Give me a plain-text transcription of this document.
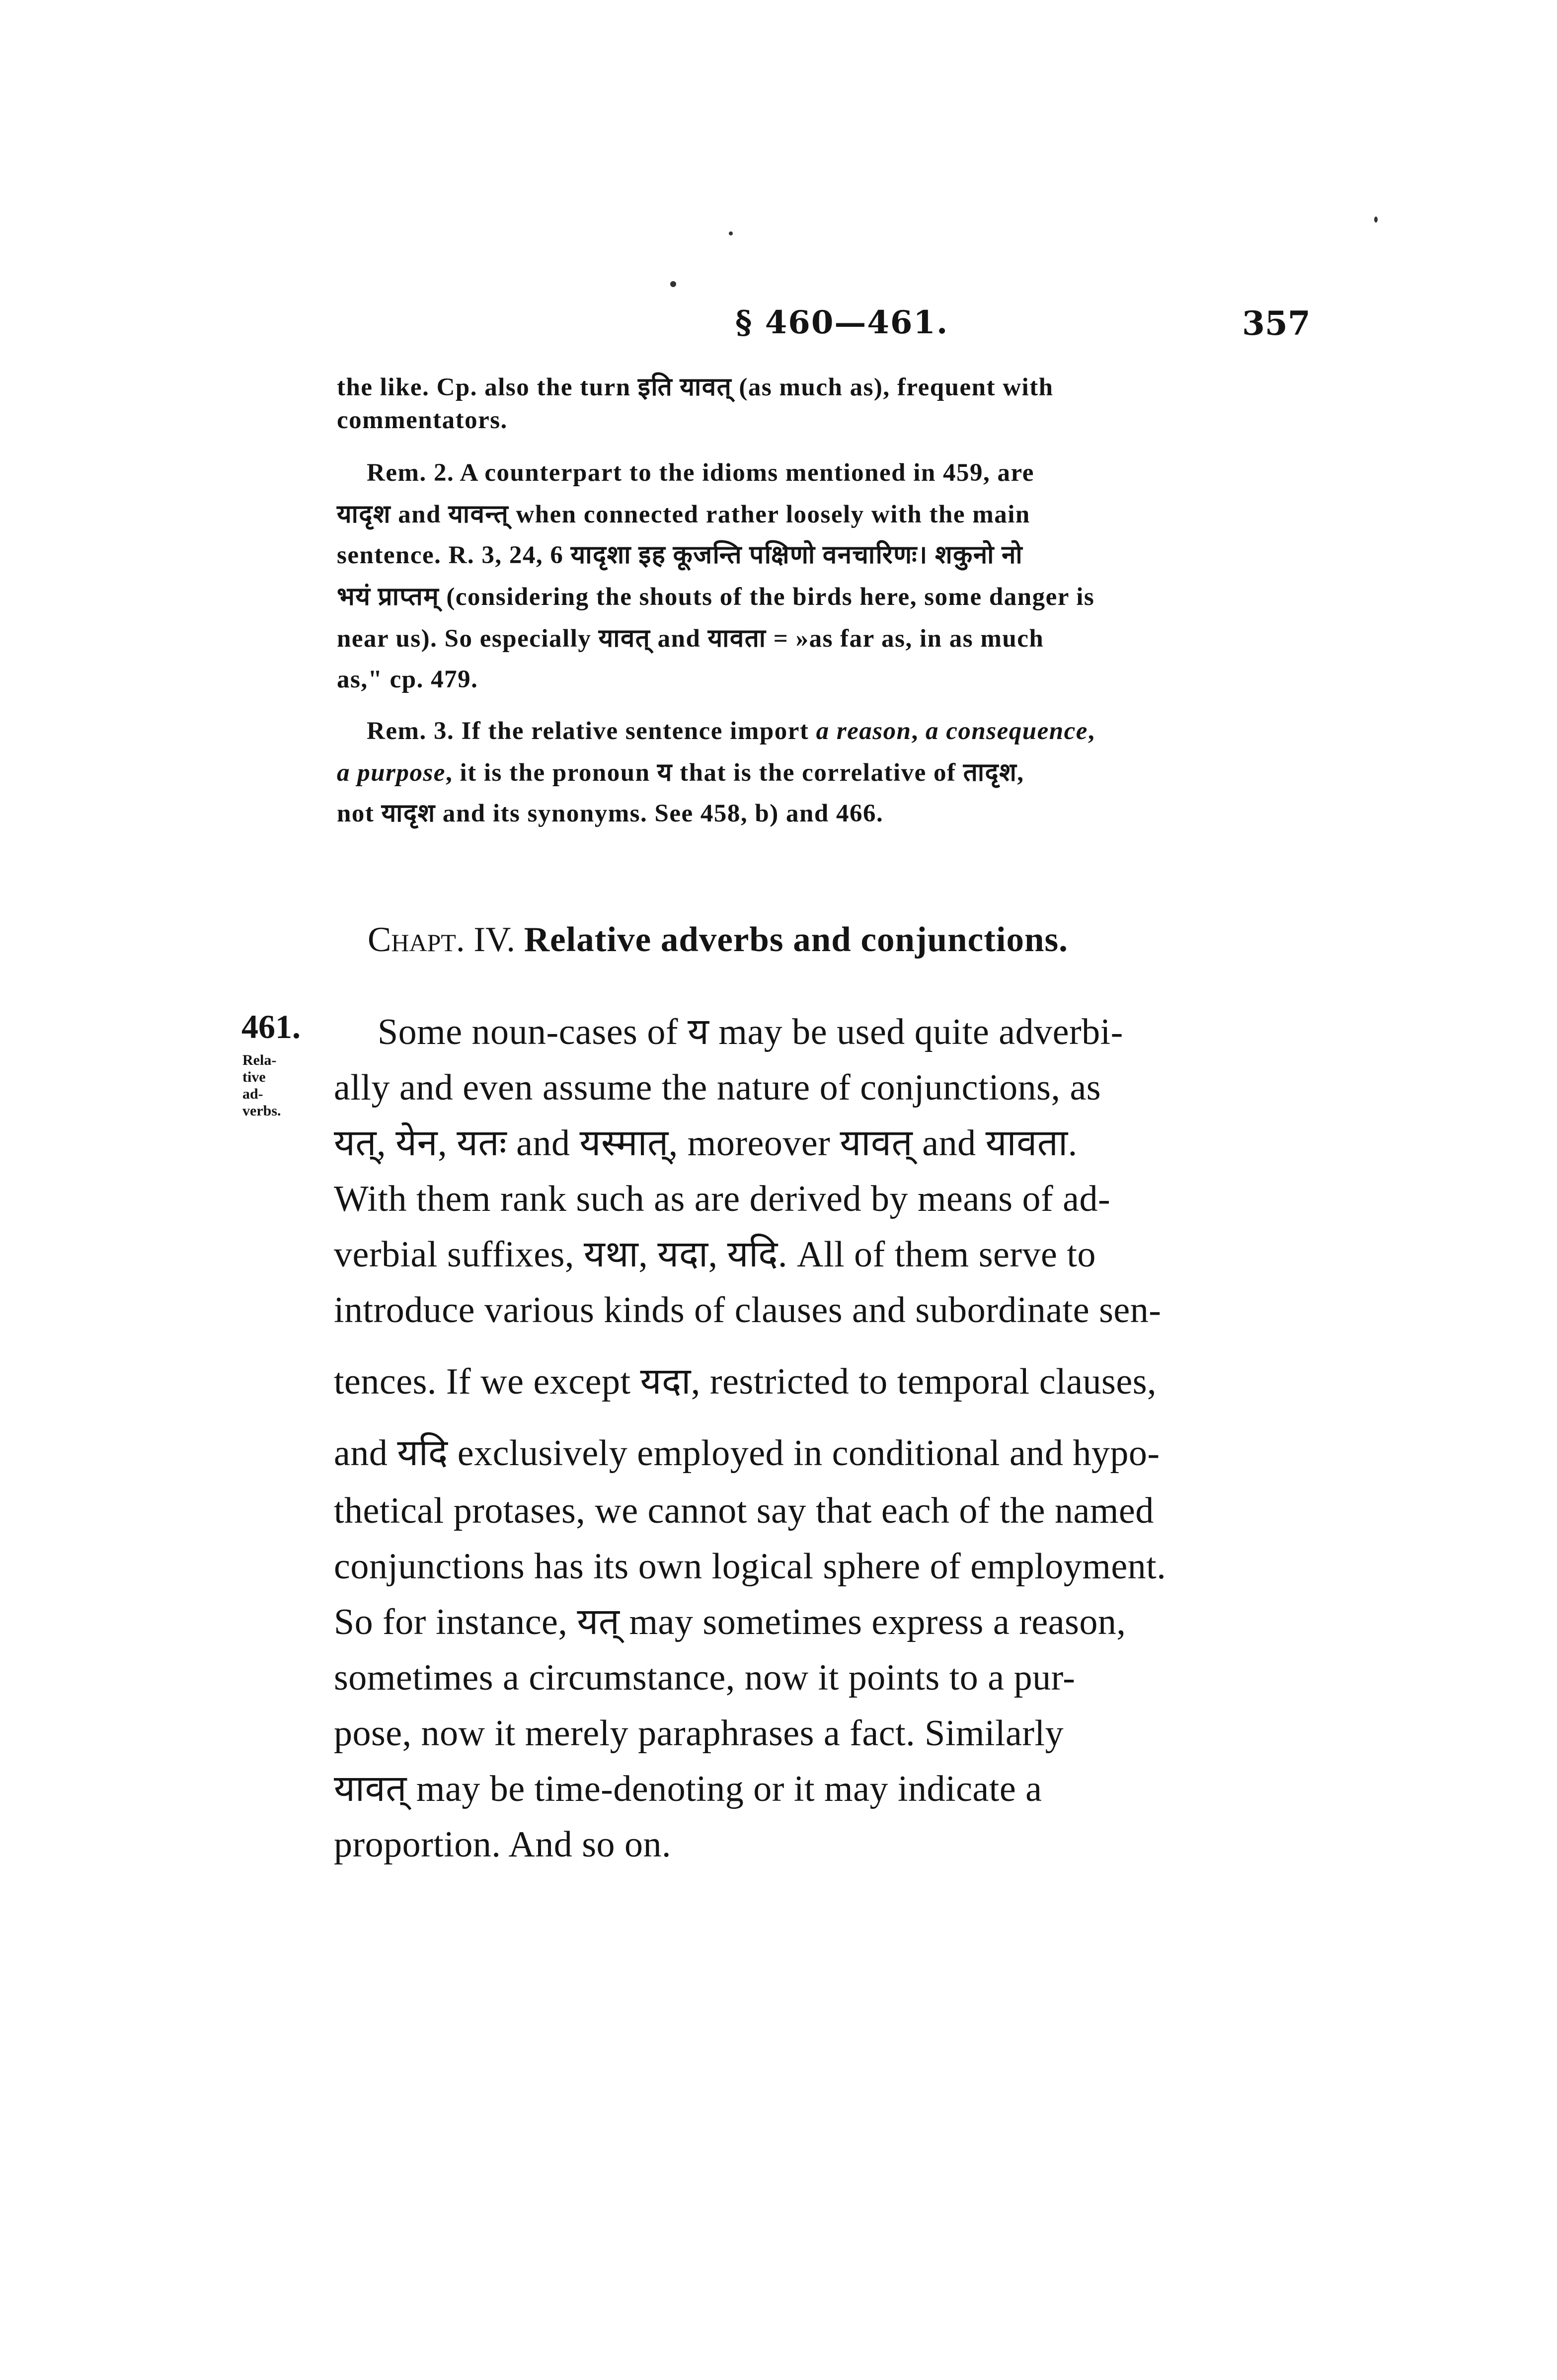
§ 460—461.	357
the like. Cp. also the turn इति यावत् (as much as), frequent with
commentators.
Rem. 2. A counterpart to the idioms mentioned in 459, are
यादृश and यावन्त् when connected rather loosely with the main
sentence. R. 3, 24, 6 यादृशा इह कूजन्ति पक्षिणो वनचारिणः। शकुनो नो
भयं प्राप्तम् (considering the shouts of the birds here, some danger is
near us). So especially यावत् and यावता = »as far as, in as much
as," cp. 479.
Rem. 3. If the relative sentence import a reason, a consequence,
a purpose, it is the pronoun य that is the correlative of तादृश,
not यादृश and its synonyms. See 458, b) and 466.
Chapt. IV. Relative adverbs and conjunctions.
461.
Rela-
tive
ad-
verbs.
Some noun-cases of य may be used quite adverbi-
ally and even assume the nature of conjunctions, as
यत्, येन, यतः and यस्मात्, moreover यावत् and यावता.
With them rank such as are derived by means of ad-
verbial suffixes, यथा, यदा, यदि. All of them serve to
introduce various kinds of clauses and subordinate sen-
tences. If we except यदा, restricted to temporal clauses,
and यदि exclusively employed in conditional and hypo-
thetical protases, we cannot say that each of the named
conjunctions has its own logical sphere of employment.
So for instance, यत् may sometimes express a reason,
sometimes a circumstance, now it points to a pur-
pose, now it merely paraphrases a fact. Similarly
यावत् may be time-denoting or it may indicate a
proportion. And so on.
